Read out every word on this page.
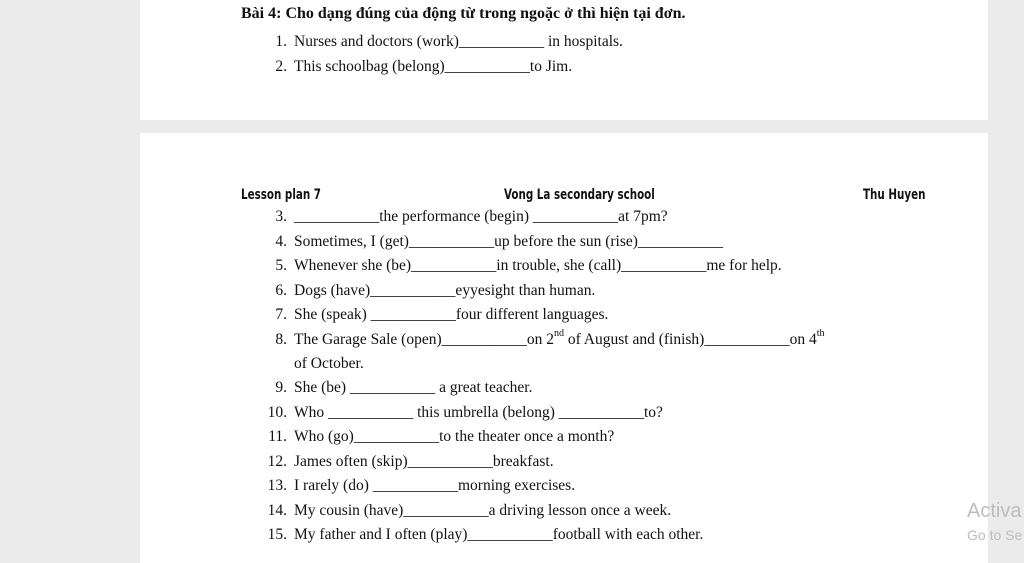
Bài 4: Cho dạng đúng của động từ trong ngoặc ở thì hiện tại đơn.
1. Nurses and doctors (work)___________ in hospitals.
2. This schoolbag (belong)___________to Jim.
Lesson plan 7	Vong La secondary school	Thu Huyen
3. ___________the performance (begin) ___________at 7pm?
4. Sometimes, I (get)___________up before the sun (rise)___________
5. Whenever she (be)___________in trouble, she (call)___________me for help.
6. Dogs (have)___________eyyesight than human.
7. She (speak) ___________four different languages.
8. The Garage Sale (open)___________on 2nd of August and (finish)___________on 4th
of October.
9. She (be) ___________ a great teacher.
10. Who ___________ this umbrella (belong) ___________to?
11. Who (go)___________to the theater once a month?
12. James often (skip)___________breakfast.
13. I rarely (do) ___________morning exercises.
14. My cousin (have)___________a driving lesson once a week.
15. My father and I often (play)___________football with each other.
Activa
Go to Se
